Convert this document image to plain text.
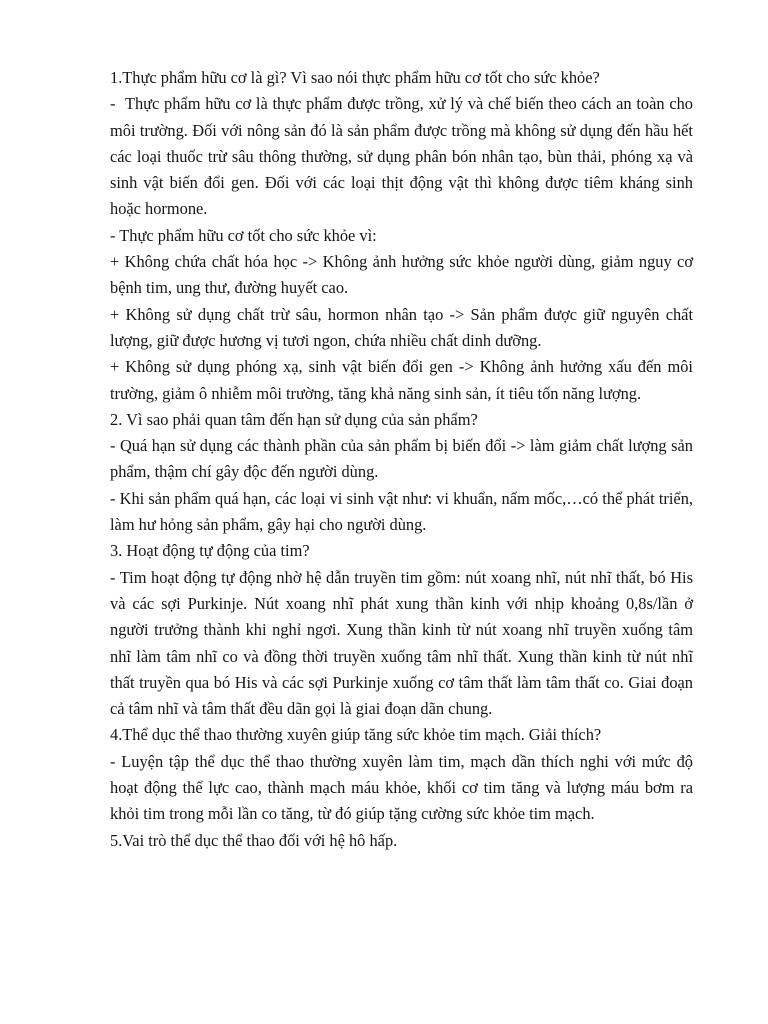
1.Thực phẩm hữu cơ là gì? Vì sao nói thực phẩm hữu cơ tốt cho sức khỏe?

-  Thực phẩm hữu cơ là thực phẩm được trồng, xử lý và chế biến theo cách an toàn cho môi trường. Đối với nông sản đó là sản phẩm được trồng mà không sử dụng đến hầu hết các loại thuốc trừ sâu thông thường, sử dụng phân bón nhân tạo, bùn thải, phóng xạ và sinh vật biến đổi gen. Đối với các loại thịt động vật thì không được tiêm kháng sinh hoặc hormone.

- Thực phẩm hữu cơ tốt cho sức khỏe vì:

+ Không chứa chất hóa học -> Không ảnh hưởng sức khỏe người dùng, giảm nguy cơ bệnh tim, ung thư, đường huyết cao.

+ Không sử dụng chất trừ sâu, hormon nhân tạo -> Sản phẩm được giữ nguyên chất lượng, giữ được hương vị tươi ngon, chứa nhiều chất dinh dưỡng.

+ Không sử dụng phóng xạ, sinh vật biến đổi gen -> Không ảnh hưởng xấu đến môi trường, giảm ô nhiễm môi trường, tăng khả năng sinh sản, ít tiêu tốn năng lượng.

2. Vì sao phải quan tâm đến hạn sử dụng của sản phẩm?

- Quá hạn sử dụng các thành phần của sản phẩm bị biến đổi -> làm giảm chất lượng sản phẩm, thậm chí gây độc đến người dùng.

- Khi sản phẩm quá hạn, các loại vi sinh vật như: vi khuẩn, nấm mốc,…có thể phát triển, làm hư hỏng sản phẩm, gây hại cho người dùng.

3. Hoạt động tự động của tim?

- Tim hoạt động tự động nhờ hệ dẫn truyền tim gồm: nút xoang nhĩ, nút nhĩ thất, bó His và các sợi Purkinje. Nút xoang nhĩ phát xung thần kinh với nhịp khoảng 0,8s/lần ở người trưởng thành khi nghỉ ngơi. Xung thần kinh từ nút xoang nhĩ truyền xuống tâm nhĩ làm tâm nhĩ co và đồng thời truyền xuống tâm nhĩ thất. Xung thần kinh từ nút nhĩ thất truyền qua bó His và các sợi Purkinje xuống cơ tâm thất làm tâm thất co. Giai đoạn cả tâm nhĩ và tâm thất đều dãn gọi là giai đoạn dãn chung.

4.Thể dục thể thao thường xuyên giúp tăng sức khỏe tim mạch. Giải thích?

- Luyện tập thể dục thể thao thường xuyên làm tim, mạch dần thích nghi với mức độ hoạt động thể lực cao, thành mạch máu khỏe, khối cơ tim tăng và lượng máu bơm ra khỏi tim trong mỗi lần co tăng, từ đó giúp tặng cường sức khỏe tim mạch.

5.Vai trò thể dục thể thao đối với hệ hô hấp.
